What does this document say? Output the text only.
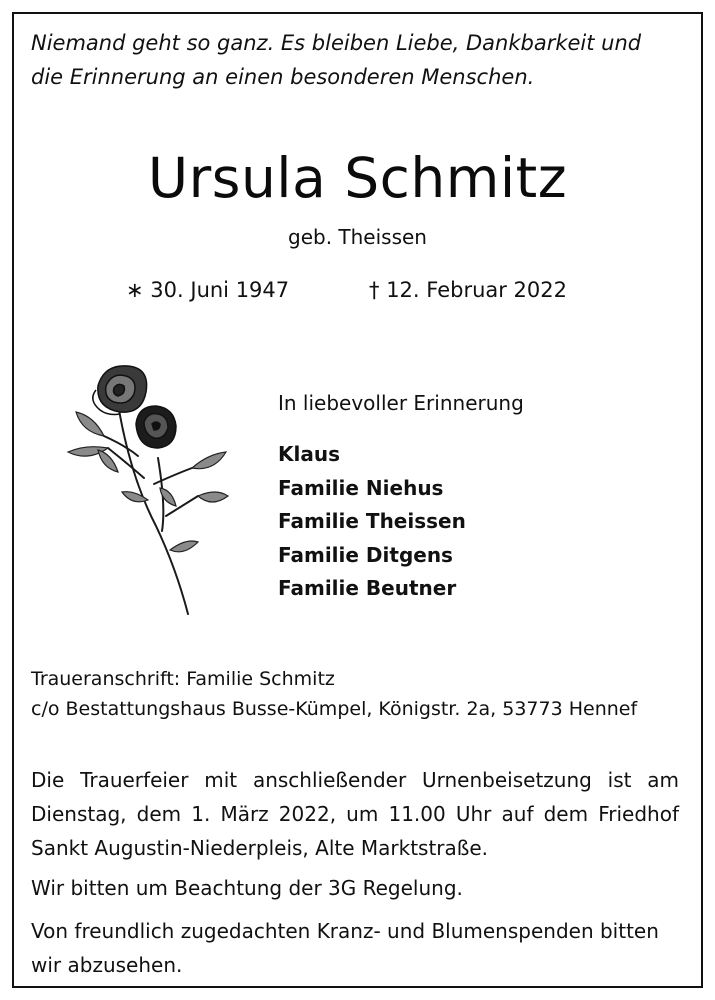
Niemand geht so ganz. Es bleiben Liebe, Dankbarkeit und
die Erinnerung an einen besonderen Menschen.
Ursula Schmitz
geb. Theissen
∗ 30. Juni 1947	† 12. Februar 2022
In liebevoller Erinnerung
Klaus
Familie Niehus
Familie Theissen
Familie Ditgens
Familie Beutner
Traueranschrift: Familie Schmitz
c/o Bestattungshaus Busse-Kümpel, Königstr. 2a, 53773 Hennef
Die Trauerfeier mit anschließender Urnenbeisetzung ist am Dienstag, dem 1. März 2022, um 11.00 Uhr auf dem Friedhof Sankt Augustin-Niederpleis, Alte Marktstraße.
Wir bitten um Beachtung der 3G Regelung.
Von freundlich zugedachten Kranz- und Blumenspenden bitten wir abzusehen.
